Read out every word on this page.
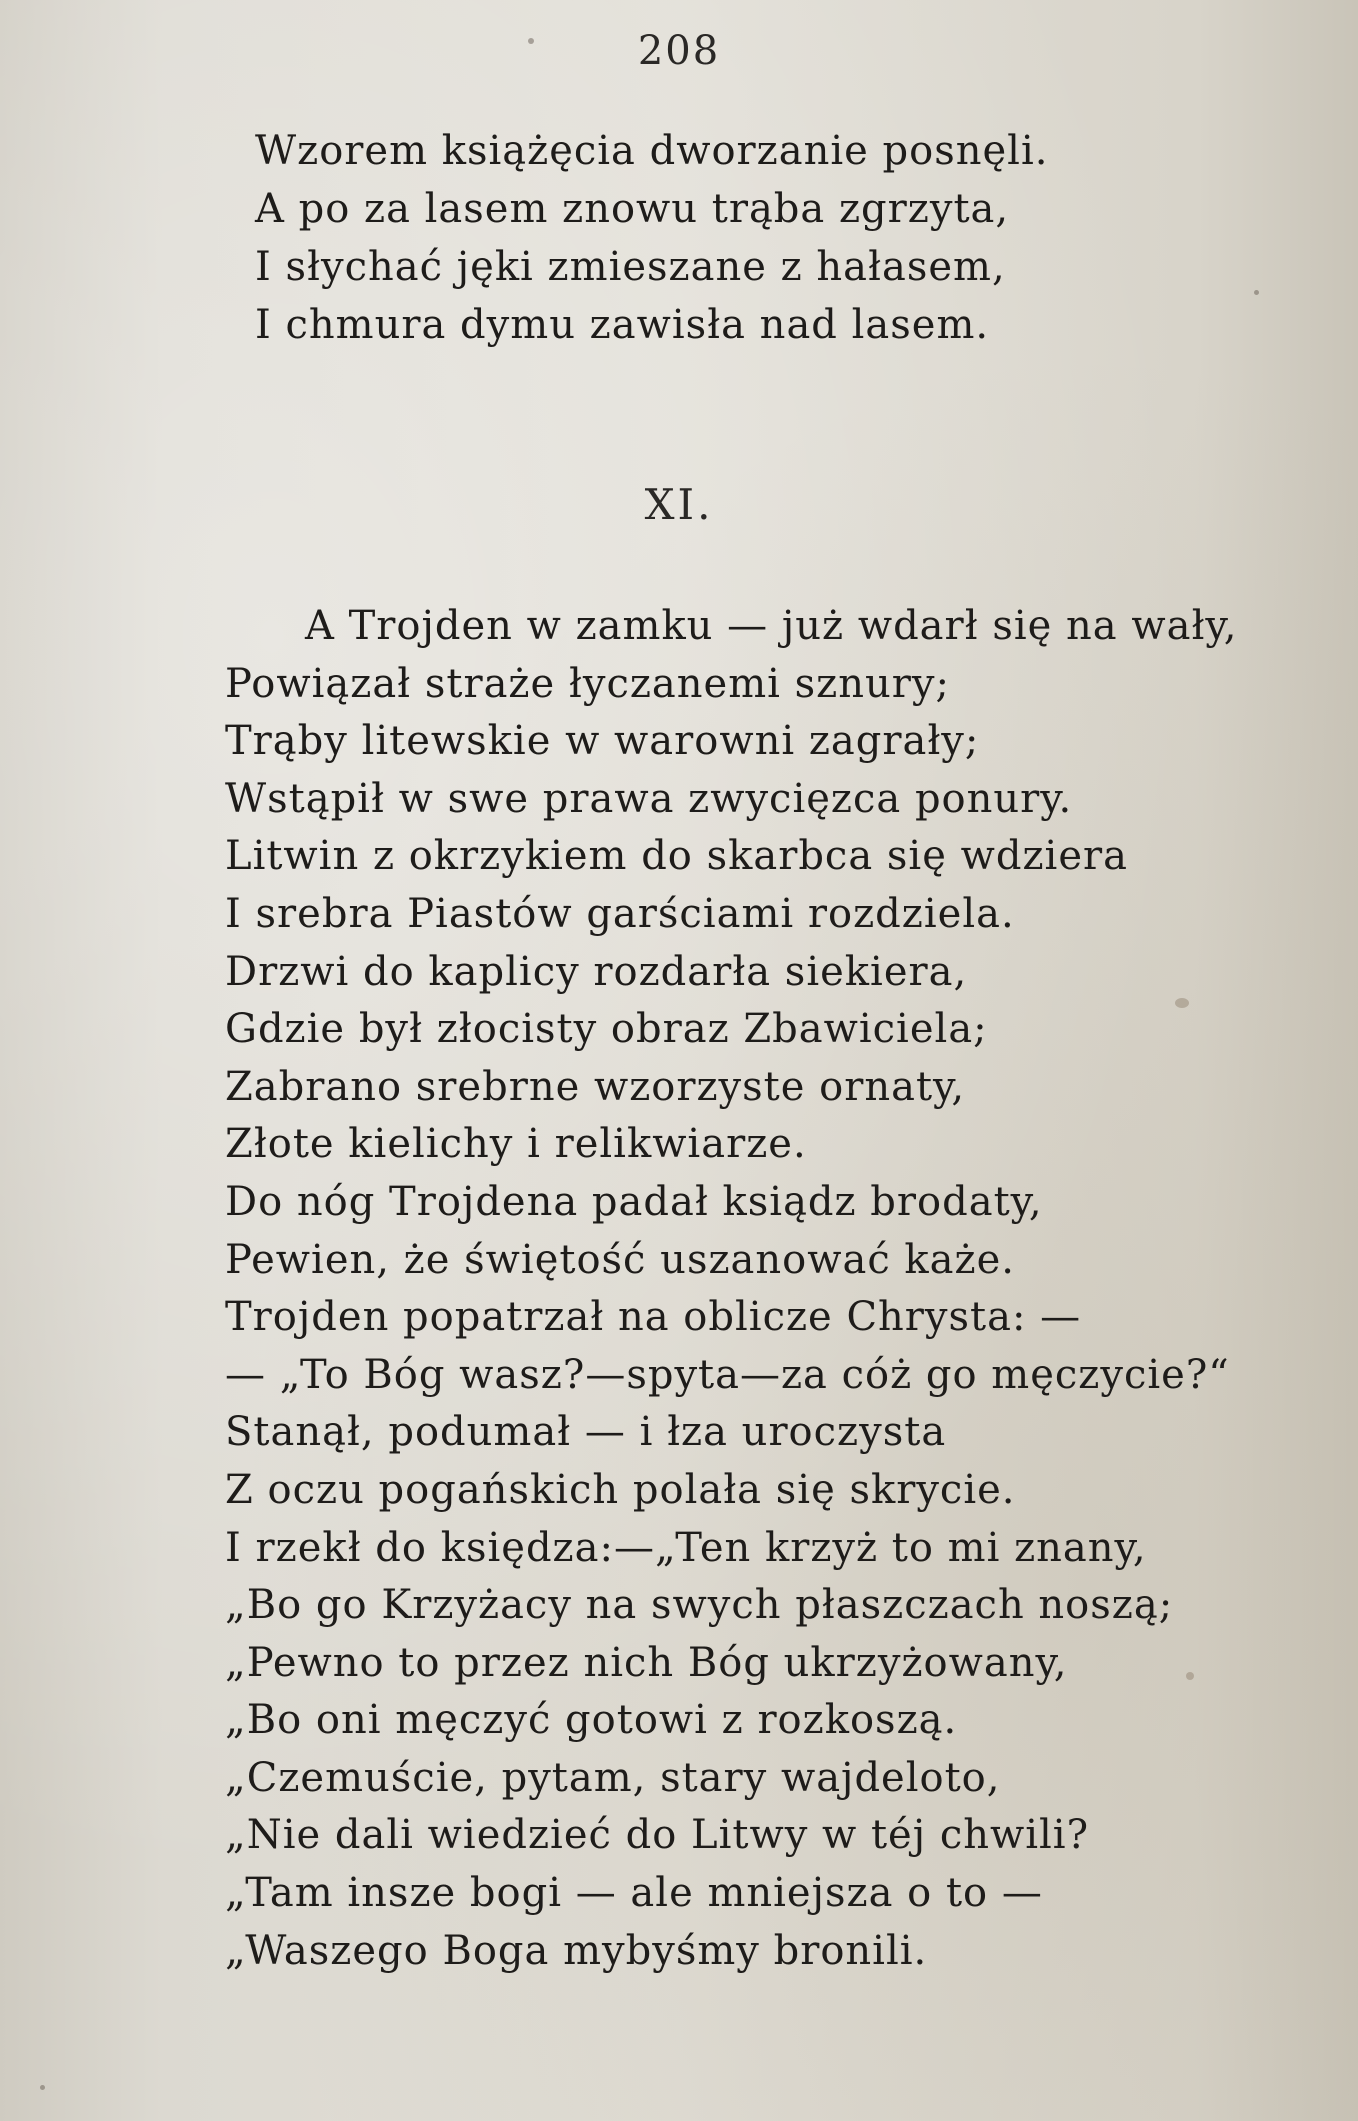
208
Wzorem książęcia dworzanie posnęli.
A po za lasem znowu trąba zgrzyta,
I słychać jęki zmieszane z hałasem,
I chmura dymu zawisła nad lasem.
XI.
A Trojden w zamku — już wdarł się na wały,
Powiązał straże łyczanemi sznury;
Trąby litewskie w warowni zagrały;
Wstąpił w swe prawa zwycięzca ponury.
Litwin z okrzykiem do skarbca się wdziera
I srebra Piastów garściami rozdziela.
Drzwi do kaplicy rozdarła siekiera,
Gdzie był złocisty obraz Zbawiciela;
Zabrano srebrne wzorzyste ornaty,
Złote kielichy i relikwiarze.
Do nóg Trojdena padał ksiądz brodaty,
Pewien, że świętość uszanować każe.
Trojden popatrzał na oblicze Chrysta: —
— „To Bóg wasz?—spyta—za cóż go męczycie?“
Stanął, podumał — i łza uroczysta
Z oczu pogańskich polała się skrycie.
I rzekł do księdza:—„Ten krzyż to mi znany,
„Bo go Krzyżacy na swych płaszczach noszą;
„Pewno to przez nich Bóg ukrzyżowany,
„Bo oni męczyć gotowi z rozkoszą.
„Czemuście, pytam, stary wajdeloto,
„Nie dali wiedzieć do Litwy w téj chwili?
„Tam insze bogi — ale mniejsza o to —
„Waszego Boga mybyśmy bronili.
